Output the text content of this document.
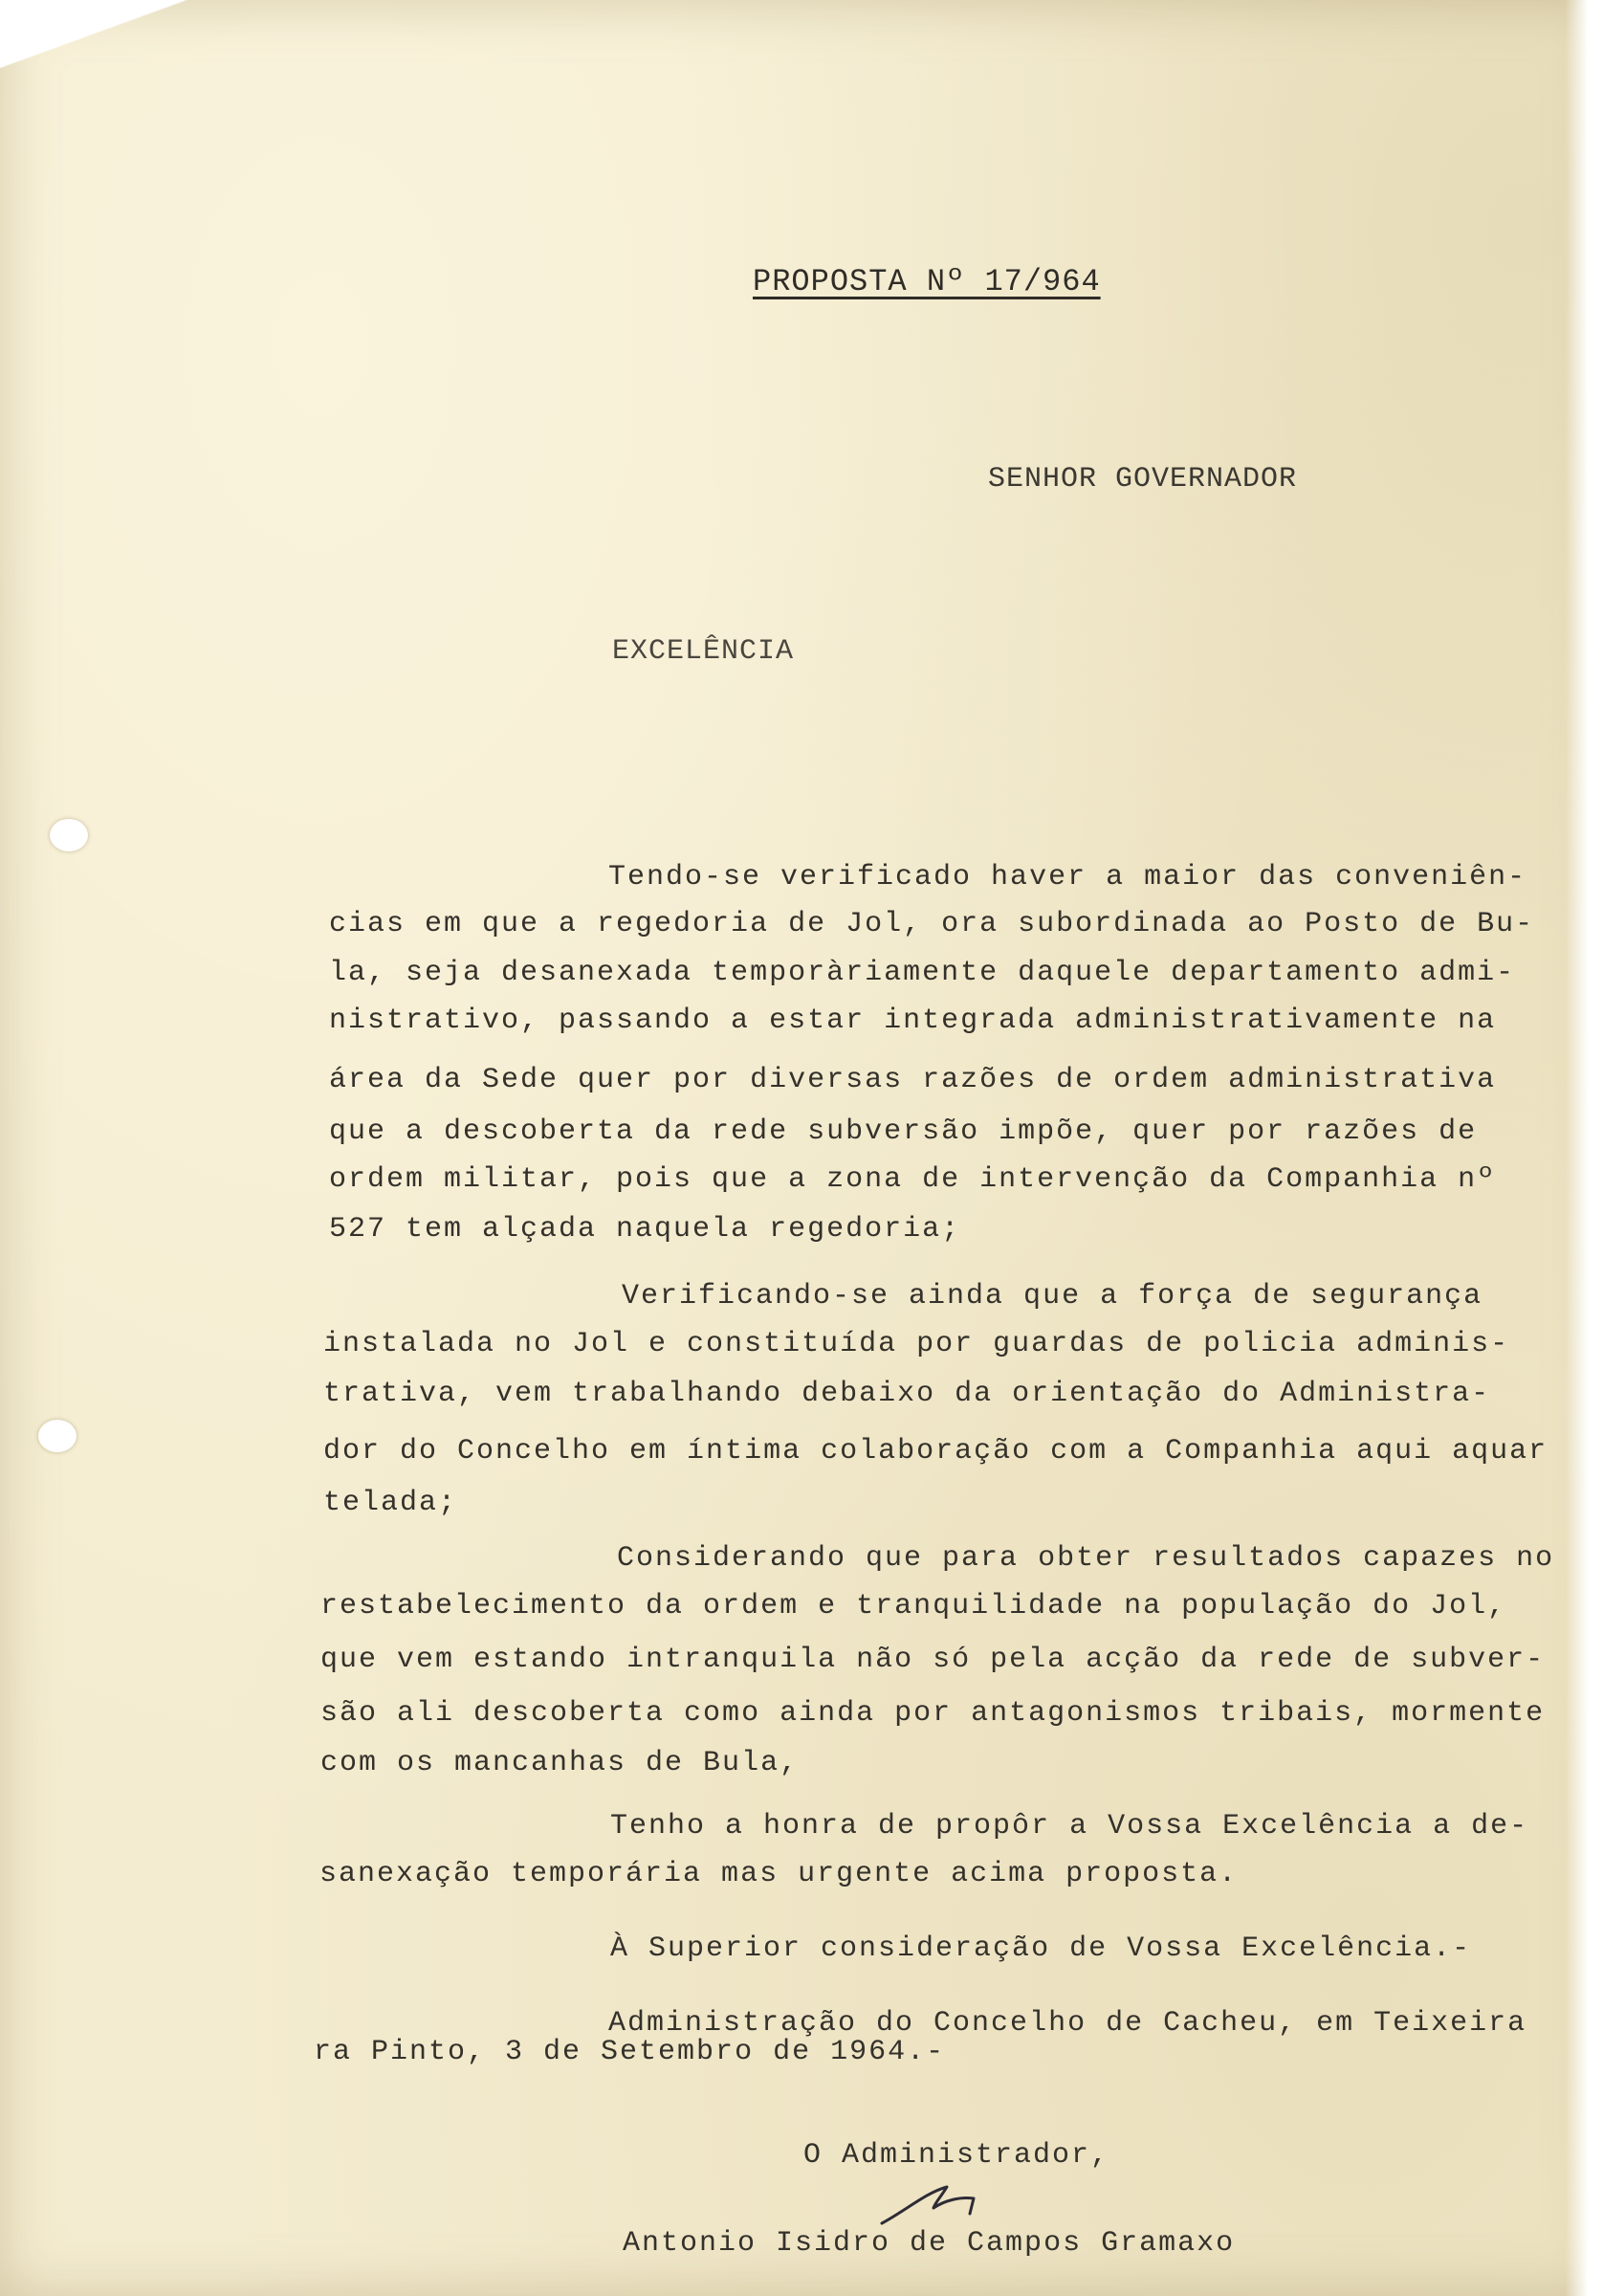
PROPOSTA Nº 17/964
SENHOR GOVERNADOR
EXCELÊNCIA
Tendo-se verificado haver a maior das conveniên-
cias em que a regedoria de Jol, ora subordinada ao Posto de Bu-
la, seja desanexada temporàriamente daquele departamento admi-
nistrativo, passando a estar integrada administrativamente na
área da Sede quer por diversas razões de ordem administrativa
que a descoberta da rede subversão impõe, quer por razões de
ordem militar, pois que a zona de intervenção da Companhia nº
527 tem alçada naquela regedoria;
Verificando-se ainda que a força de segurança
instalada no Jol e constituída por guardas de policia adminis-
trativa, vem trabalhando debaixo da orientação do Administra-
dor do Concelho em íntima colaboração com a Companhia aqui aquar
telada;
Considerando que para obter resultados capazes no
restabelecimento da ordem e tranquilidade na população do Jol,
que vem estando intranquila não só pela acção da rede de subver-
são ali descoberta como ainda por antagonismos tribais, mormente
com os mancanhas de Bula,
Tenho a honra de propôr a Vossa Excelência a de-
sanexação temporária mas urgente acima proposta.
À Superior consideração de Vossa Excelência.-
Administração do Concelho de Cacheu, em Teixeira
ra Pinto, 3 de Setembro de 1964.-
O Administrador,
Antonio Isidro de Campos Gramaxo
